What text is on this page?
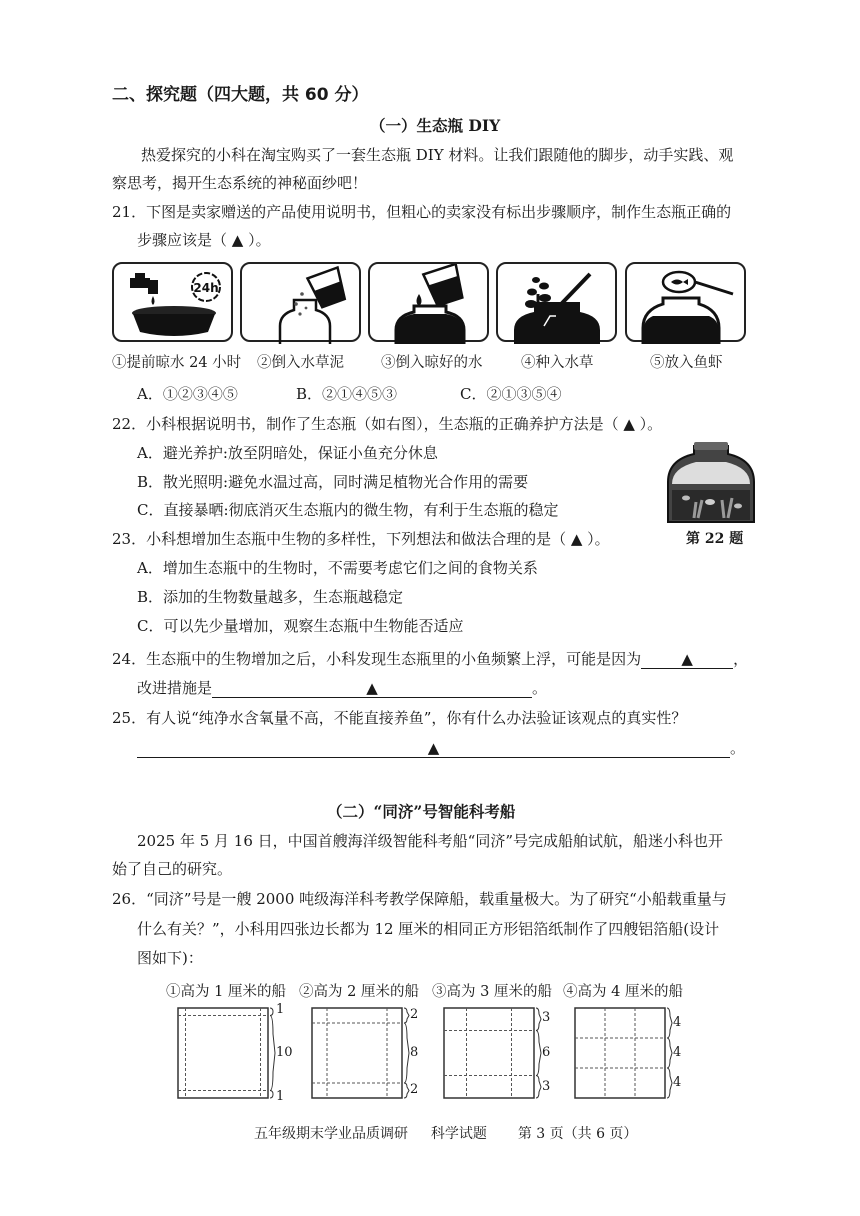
二、探究题（四大题，共 60 分）
（一）生态瓶 DIY
热爱探究的小科在淘宝购买了一套生态瓶 DIY 材料。让我们跟随他的脚步，动手实践、观
察思考，揭开生态系统的神秘面纱吧！
21．下图是卖家赠送的产品使用说明书，但粗心的卖家没有标出步骤顺序，制作生态瓶正确的
步骤应该是（ ▲ ）。
24h
①提前晾水 24 小时 ②倒入水草泥	③倒入晾好的水	④种入水草	⑤放入鱼虾
A．①②③④⑤	B．②①④⑤③	C．②①③⑤④
22．小科根据说明书，制作了生态瓶（如右图），生态瓶的正确养护方法是（ ▲ ）。
A．避光养护:放至阴暗处，保证小鱼充分休息
B．散光照明:避免水温过高，同时满足植物光合作用的需要
C．直接暴晒:彻底消灭生态瓶内的微生物，有利于生态瓶的稳定
第 22 题
23．小科想增加生态瓶中生物的多样性，下列想法和做法合理的是（ ▲ ）。
A．增加生态瓶中的生物时，不需要考虑它们之间的食物关系
B．添加的生物数量越多，生态瓶越稳定
C．可以先少量增加，观察生态瓶中生物能否适应
24．生态瓶中的生物增加之后，小科发现生态瓶里的小鱼频繁上浮，可能是因为	▲	，
改进措施是	▲	。
25．有人说“纯净水含氧量不高，不能直接养鱼”，你有什么办法验证该观点的真实性？
▲	。
（二）“同济”号智能科考船
2025 年 5 月 16 日，中国首艘海洋级智能科考船“同济”号完成船舶试航，船迷小科也开
始了自己的研究。
26．“同济”号是一艘 2000 吨级海洋科考教学保障船，载重量极大。为了研究“小船载重量与
什么有关？”，小科用四张边长都为 12 厘米的相同正方形铝箔纸制作了四艘铝箔船(设计
图如下)：
①高为 1 厘米的船 ②高为 2 厘米的船 ③高为 3 厘米的船 ④高为 4 厘米的船
1
10
1
2
8
2
3
6
3
4
4
4
五年级期末学业品质调研 科学试题 第 3 页（共 6 页）
